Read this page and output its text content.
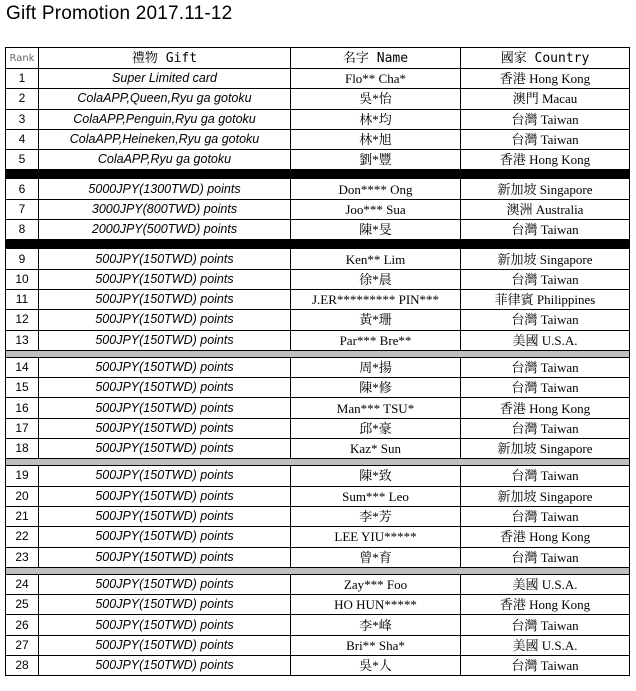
Gift Promotion 2017.11-12
Rank	禮物 Gift	名字 Name	國家 Country
1	Super Limited card	Flo** Cha*	香港 Hong Kong
2	ColaAPP,Queen,Ryu ga gotoku	吳*怡	澳門 Macau
3	ColaAPP,Penguin,Ryu ga gotoku	林*均	台灣 Taiwan
4	ColaAPP,Heineken,Ryu ga gotoku	林*旭	台灣 Taiwan
5	ColaAPP,Ryu ga gotoku	劉*豐	香港 Hong Kong

6	5000JPY(1300TWD) points	Don**** Ong	新加坡 Singapore
7	3000JPY(800TWD) points	Joo*** Sua	澳洲 Australia
8	2000JPY(500TWD) points	陳*旻	台灣 Taiwan

9	500JPY(150TWD) points	Ken** Lim	新加坡 Singapore
10	500JPY(150TWD) points	徐*晨	台灣 Taiwan
11	500JPY(150TWD) points	J.ER********* PIN***	菲律賓 Philippines
12	500JPY(150TWD) points	黃*珊	台灣 Taiwan
13	500JPY(150TWD) points	Par*** Bre**	美國 U.S.A.

14	500JPY(150TWD) points	周*揚	台灣 Taiwan
15	500JPY(150TWD) points	陳*修	台灣 Taiwan
16	500JPY(150TWD) points	Man*** TSU*	香港 Hong Kong
17	500JPY(150TWD) points	邱*豪	台灣 Taiwan
18	500JPY(150TWD) points	Kaz* Sun	新加坡 Singapore

19	500JPY(150TWD) points	陳*致	台灣 Taiwan
20	500JPY(150TWD) points	Sum*** Leo	新加坡 Singapore
21	500JPY(150TWD) points	李*芳	台灣 Taiwan
22	500JPY(150TWD) points	LEE YIU*****	香港 Hong Kong
23	500JPY(150TWD) points	曾*育	台灣 Taiwan

24	500JPY(150TWD) points	Zay*** Foo	美國 U.S.A.
25	500JPY(150TWD) points	HO HUN*****	香港 Hong Kong
26	500JPY(150TWD) points	李*峰	台灣 Taiwan
27	500JPY(150TWD) points	Bri** Sha*	美國 U.S.A.
28	500JPY(150TWD) points	吳*人	台灣 Taiwan
